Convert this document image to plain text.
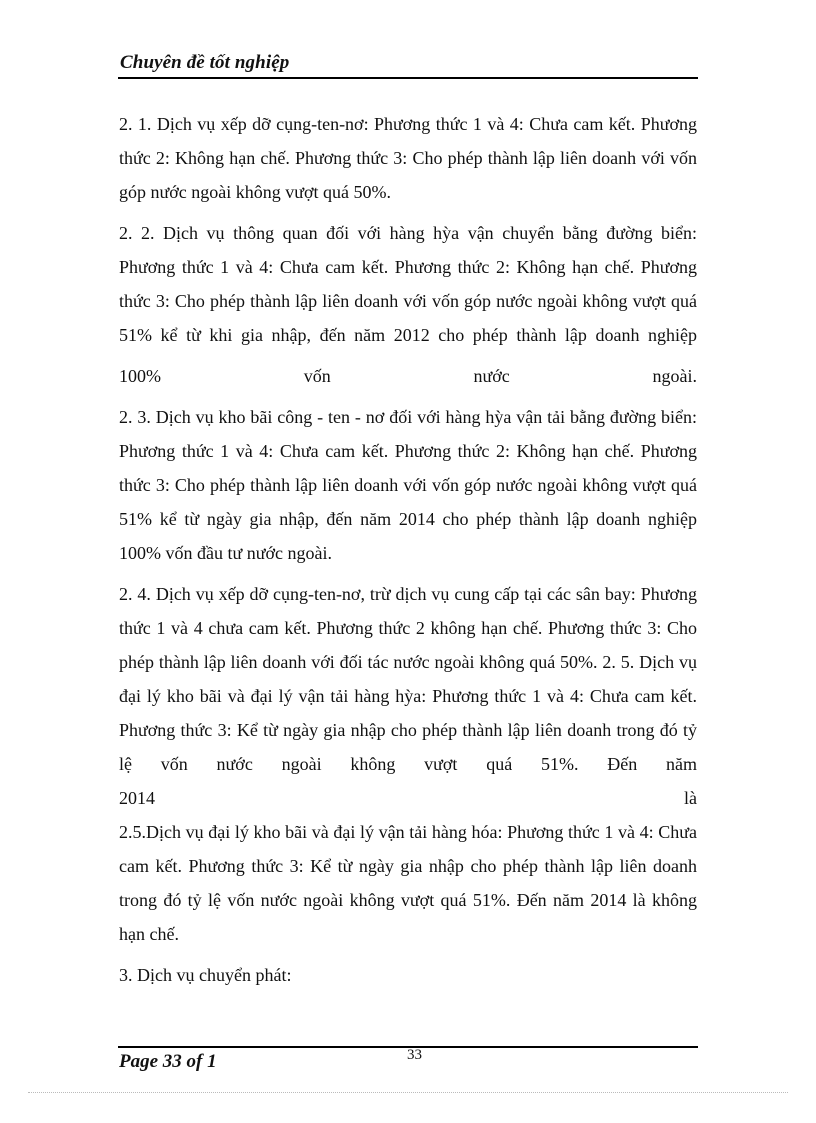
Chuyên đề tốt nghiệp

2. 1. Dịch vụ xếp dỡ cụng-ten-nơ: Phương thức 1 và 4: Chưa cam kết. Phương thức 2: Không hạn chế. Phương thức 3: Cho phép thành lập liên doanh với vốn góp nước ngoài không vượt quá 50%.

2. 2. Dịch vụ thông quan đối với hàng hỳa vận chuyển bằng đường biển: Phương thức 1 và 4: Chưa cam kết. Phương thức 2: Không hạn chế. Phương thức 3: Cho phép thành lập liên doanh với vốn góp nước ngoài không vượt quá 51% kể từ khi gia nhập, đến năm 2012 cho phép thành lập doanh nghiệp

100%	vốn	nước	ngoài.

2. 3. Dịch vụ kho bãi công - ten - nơ đối với hàng hỳa vận tải bằng đường biển: Phương thức 1 và 4: Chưa cam kết. Phương thức 2: Không hạn chế. Phương thức 3: Cho phép thành lập liên doanh với vốn góp nước ngoài không vượt quá 51% kể từ ngày gia nhập, đến năm 2014 cho phép thành lập doanh nghiệp 100% vốn đầu tư nước ngoài.

2. 4. Dịch vụ xếp dỡ cụng-ten-nơ, trừ dịch vụ cung cấp tại các sân bay: Phương thức 1 và 4 chưa cam kết. Phương thức 2 không hạn chế. Phương thức 3: Cho phép thành lập liên doanh với đối tác nước ngoài không quá 50%. 2. 5. Dịch vụ đại lý kho bãi và đại lý vận tải hàng hỳa: Phương thức 1 và 4: Chưa cam kết. Phương thức 3: Kể từ ngày gia nhập cho phép thành lập liên doanh trong đó tỷ lệ vốn nước ngoài không vượt quá 51%. Đến năm

2014	là

2.5.Dịch vụ đại lý kho bãi và đại lý vận tải hàng hóa: Phương thức 1 và 4: Chưa cam kết. Phương thức 3: Kể từ ngày gia nhập cho phép thành lập liên doanh trong đó tỷ lệ vốn nước ngoài không vượt quá 51%. Đến năm 2014 là không hạn chế.

3. Dịch vụ chuyển phát:

Page 33 of 1	33
